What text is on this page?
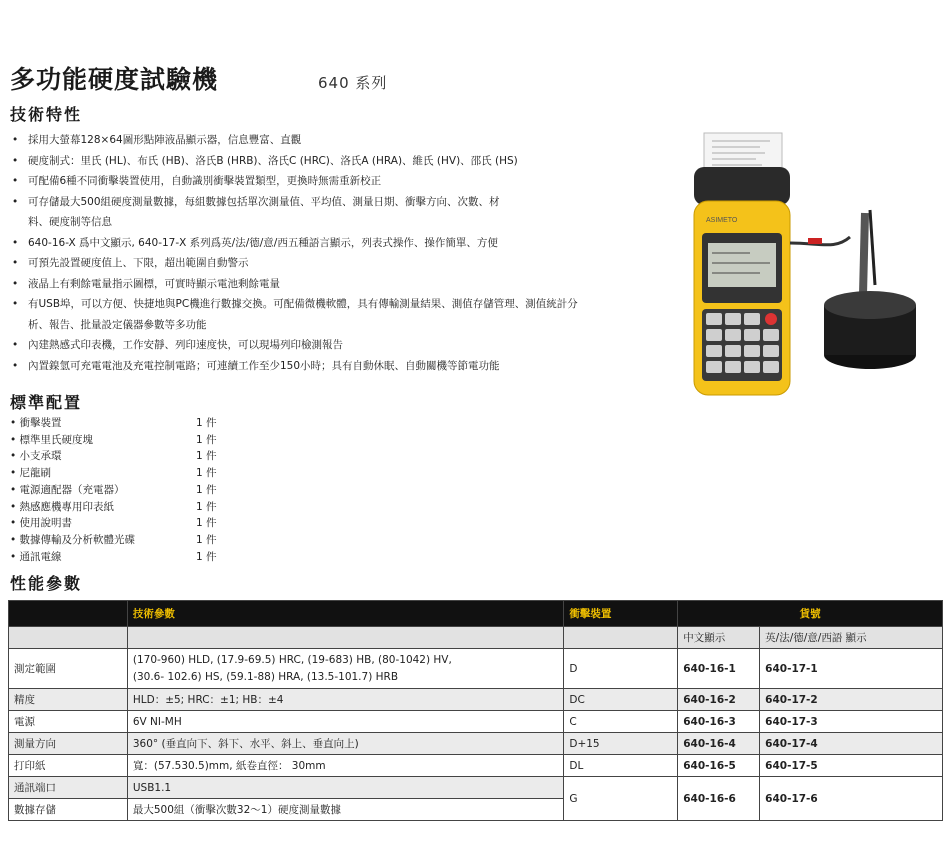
多功能硬度試驗機	640 系列
技術特性
• 採用大螢幕128×64圖形點陣液晶顯示器，信息豐富、直觀
• 硬度制式：里氏 (HL)、布氏 (HB)、洛氏B (HRB)、洛氏C (HRC)、洛氏A (HRA)、維氏 (HV)、邵氏 (HS)
• 可配備6種不同衝擊裝置使用，自動識別衝擊裝置類型，更換時無需重新校正
• 可存儲最大500組硬度測量數據，每組數據包括單次測量值、平均值、測量日期、衝擊方向、次數、材
料、硬度制等信息
• 640-16-X 爲中文顯示, 640-17-X 系列爲英/法/德/意/西五種語言顯示，列表式操作、操作簡單、方便
• 可預先設置硬度值上、下限，超出範圍自動警示
• 液晶上有剩餘電量指示圖標，可實時顯示電池剩餘電量
• 有USB埠，可以方便、快捷地與PC機進行數據交換。可配備微機軟體，具有傳輸測量結果、測值存儲管理、測值統計分
析、報告、批量設定儀器參數等多功能
• 內建熱感式印表機，工作安靜、列印速度快，可以現場列印檢測報告
• 內置鎳氫可充電電池及充電控制電路；可連續工作至少150小時；具有自動休眠、自動關機等節電功能
標準配置
• 衝擊裝置	1 件
• 標準里氏硬度塊	1 件
• 小支承環	1 件
• 尼龍刷	1 件
• 電源適配器（充電器）	1 件
• 熱感應機專用印表紙	1 件
• 使用說明書	1 件
• 數據傳輸及分析軟體光碟	1 件
• 通訊電線	1 件
性能參數
ASIMETO
	技術參數	衝擊裝置	貨號	
			中文顯示	英/法/德/意/西語 顯示
測定範圍	(170-960) HLD, (17.9-69.5) HRC, (19-683) HB, (80-1042) HV,
(30.6- 102.6) HS, (59.1-88) HRA, (13.5-101.7) HRB	D	640-16-1	640-17-1
精度	HLD：±5; HRC：±1; HB：±4	DC	640-16-2	640-17-2
電源	6V NI-MH	C	640-16-3	640-17-3
測量方向	360° (垂直向下、斜下、水平、斜上、垂直向上)	D+15	640-16-4	640-17-4
打印紙	寬：(57.530.5)mm, 紙卷直徑： 30mm	DL	640-16-5	640-17-5
通訊端口	USB1.1	G	640-16-6	640-17-6
數據存儲	最大500組（衝擊次數32～1）硬度測量數據			
